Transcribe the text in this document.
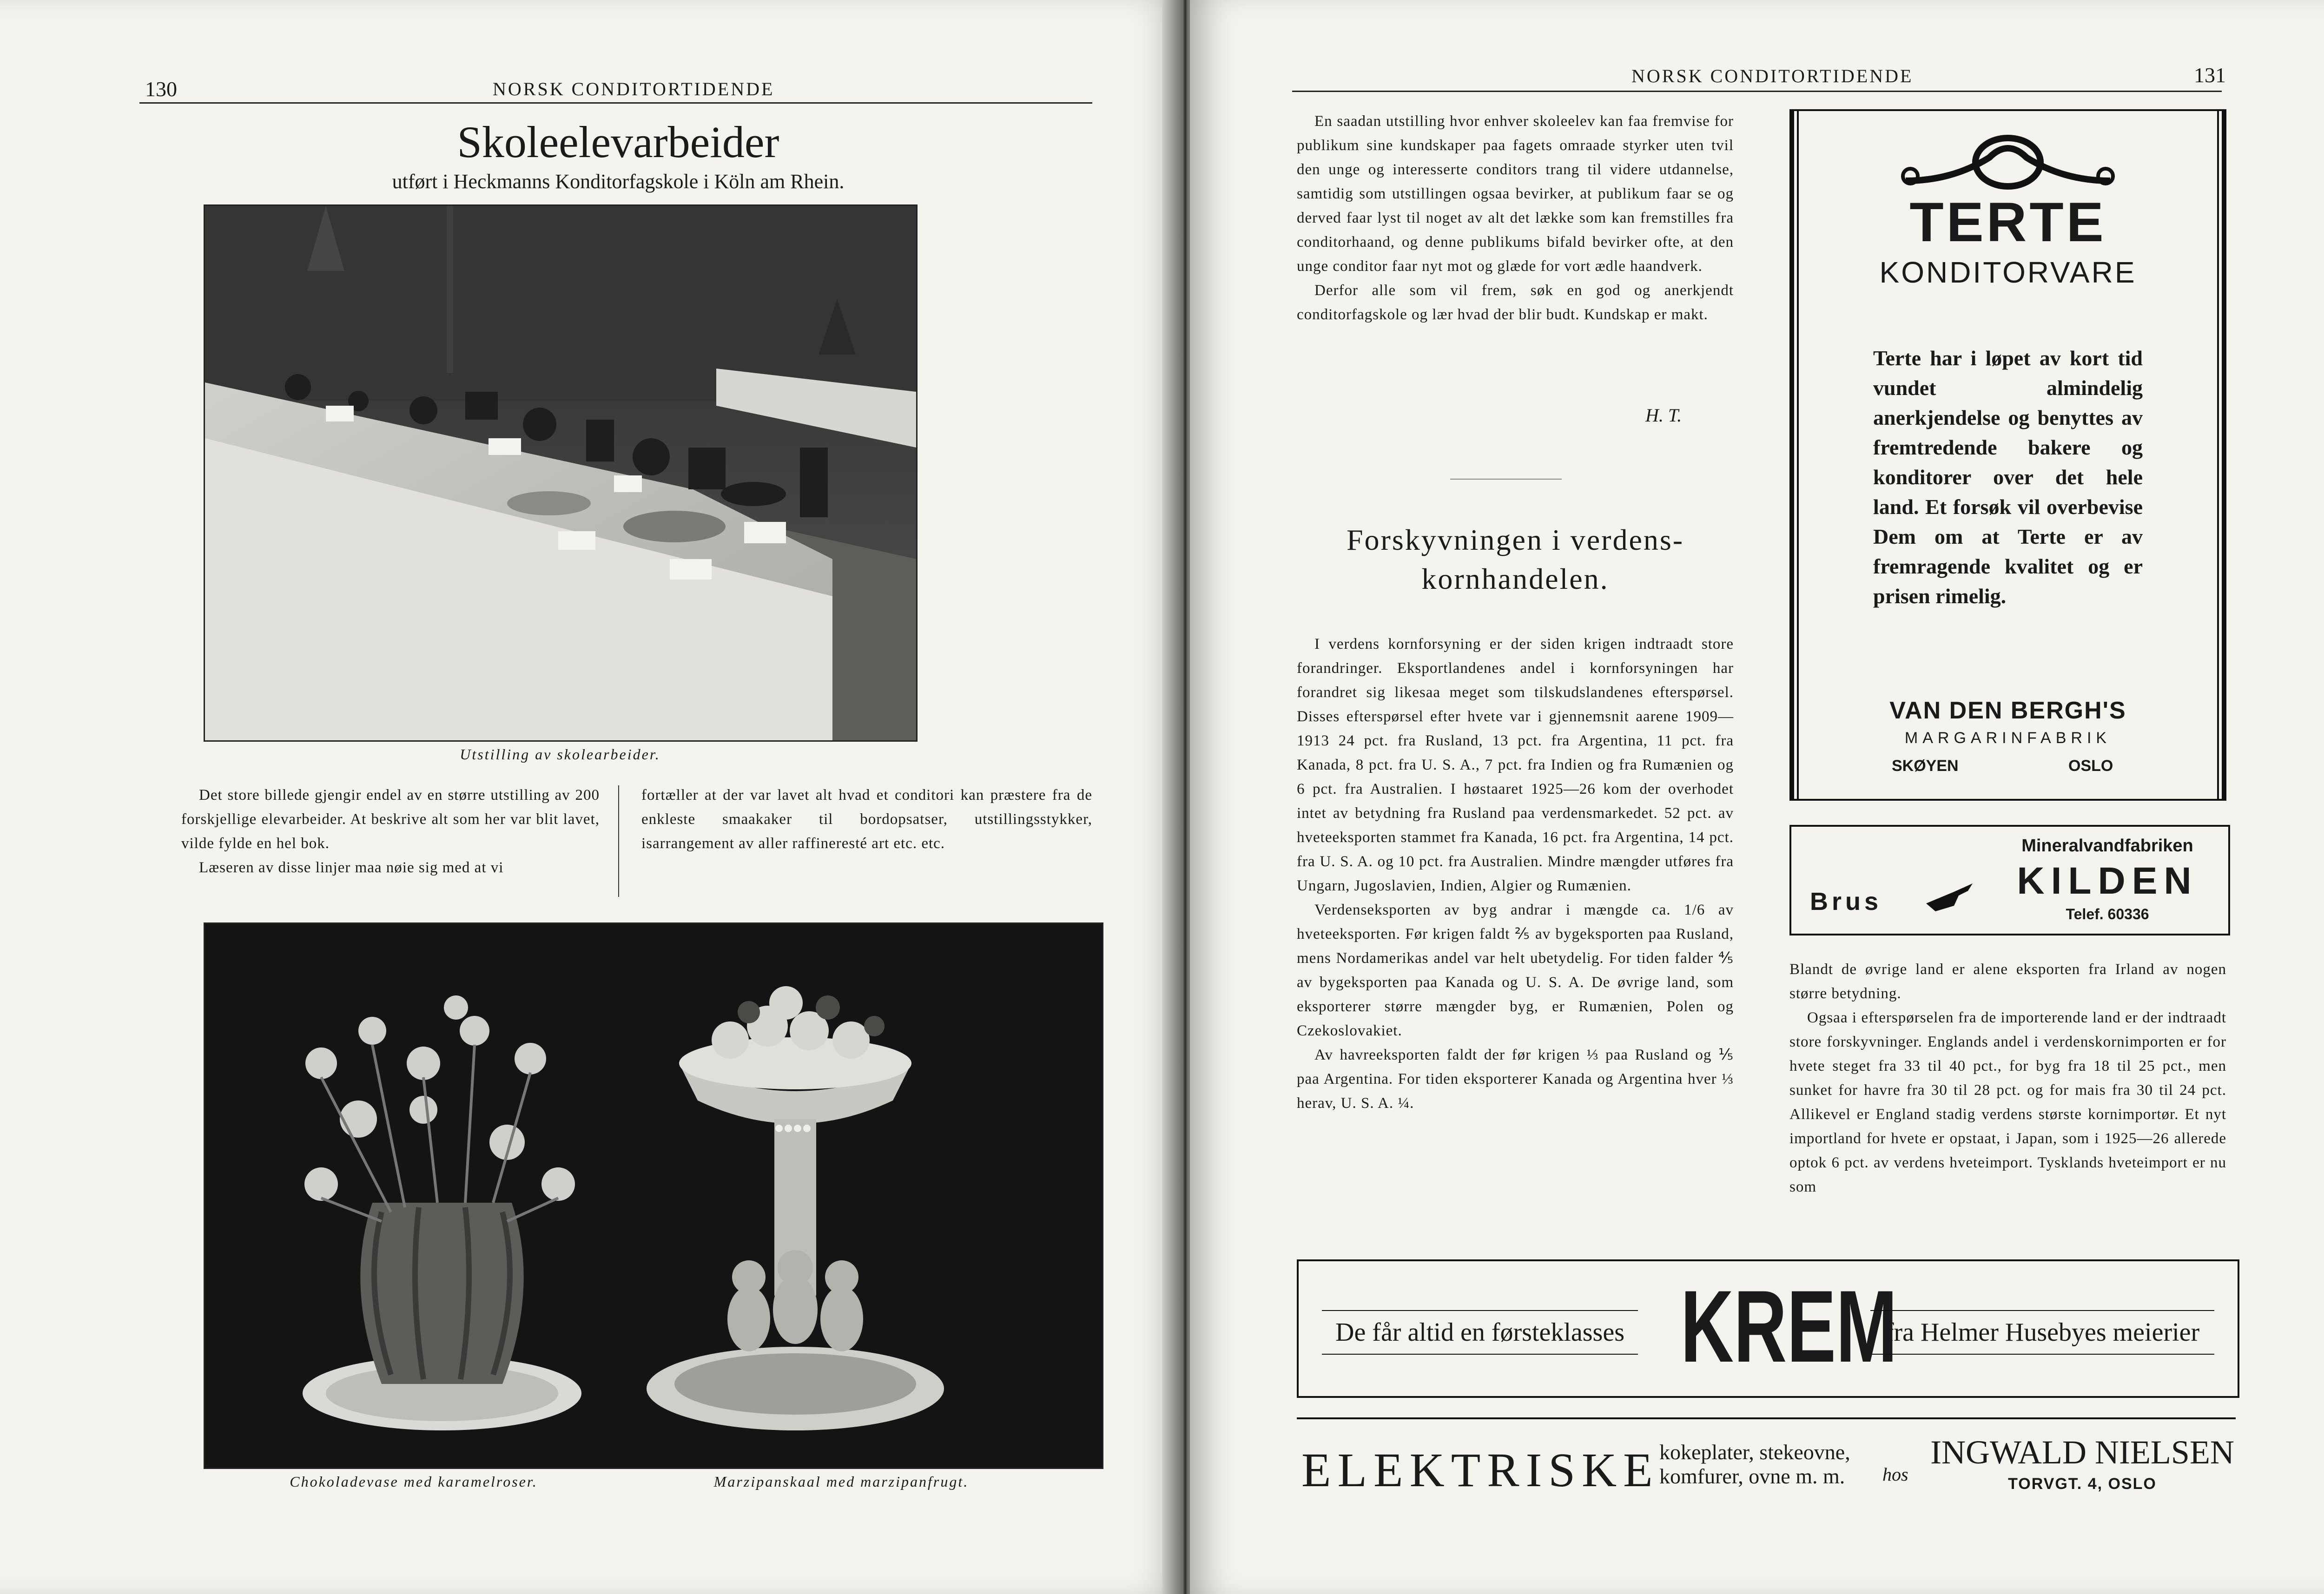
130	NORSK CONDITORTIDENDE
Skoleelevarbeider
utført i Heckmanns Konditorfagskole i Köln am Rhein.
Utstilling av skolearbeider.

Det store billede gjengir endel av en større utstilling av 200 forskjellige elevarbeider. At beskrive alt som her var blit lavet, vilde fylde en hel bok.

Læseren av disse linjer maa nøie sig med at vi

fortæller at der var lavet alt hvad et conditori kan præstere fra de enkleste smaakaker til bordopsatser, utstillingsstykker, isarrangement av aller raffineresté art etc. etc.

Chokoladevase med karamelroser.	Marzipanskaal med marzipanfrugt.
NORSK CONDITORTIDENDE	131

En saadan utstilling hvor enhver skoleelev kan faa fremvise for publikum sine kundskaper paa fagets omraade styrker uten tvil den unge og interesserte conditors trang til videre utdannelse, samtidig som utstillingen ogsaa bevirker, at publikum faar se og derved faar lyst til noget av alt det lække som kan fremstilles fra conditorhaand, og denne publikums bifald bevirker ofte, at den unge conditor faar nyt mot og glæde for vort ædle haandverk.

Derfor alle som vil frem, søk en god og anerkjendt conditorfagskole og lær hvad der blir budt. Kundskap er makt.

H. T.
Forskyvningen i verdens-
kornhandelen.

I verdens kornforsyning er der siden krigen indtraadt store forandringer. Eksportlandenes andel i kornforsyningen har forandret sig likesaa meget som tilskudslandenes efterspørsel. Disses efterspørsel efter hvete var i gjennemsnit aarene 1909—1913 24 pct. fra Rusland, 13 pct. fra Argentina, 11 pct. fra Kanada, 8 pct. fra U. S. A., 7 pct. fra Indien og fra Rumænien og 6 pct. fra Australien. I høstaaret 1925—26 kom der overhodet intet av betydning fra Rusland paa verdensmarkedet. 52 pct. av hveteeksporten stammet fra Kanada, 16 pct. fra Argentina, 14 pct. fra U. S. A. og 10 pct. fra Australien. Mindre mængder utføres fra Ungarn, Jugoslavien, Indien, Algier og Rumænien.

Verdenseksporten av byg andrar i mængde ca. 1/6 av hveteeksporten. Før krigen faldt ⅖ av bygeksporten paa Rusland, mens Nordamerikas andel var helt ubetydelig. For tiden falder ⅘ av bygeksporten paa Kanada og U. S. A. De øvrige land, som eksporterer større mængder byg, er Rumænien, Polen og Czekoslovakiet.

Av havreeksporten faldt der før krigen ⅓ paa Rusland og ⅕ paa Argentina. For tiden eksporterer Kanada og Argentina hver ⅓ herav, U. S. A. ¼.

TERTE
KONDITORVARE
Terte har i løpet av kort tid vundet almindelig anerkjendelse og benyttes av fremtredende bakere og konditorer over det hele land. Et forsøk vil overbevise Dem om at Terte er av fremragende kvalitet og er prisen rimelig.
VAN DEN BERGH'S
MARGARINFABRIK
SKØYEN	OSLO
Brus
Mineralvandfabriken
KILDEN
Telef. 60336

Blandt de øvrige land er alene eksporten fra Irland av nogen større betydning.

Ogsaa i efterspørselen fra de importerende land er der indtraadt store forskyvninger. Englands andel i verdenskornimporten er for hvete steget fra 33 til 40 pct., for byg fra 18 til 25 pct., men sunket for havre fra 30 til 28 pct. og for mais fra 30 til 24 pct. Allikevel er England stadig verdens største kornimportør. Et nyt importland for hvete er opstaat, i Japan, som i 1925—26 allerede optok 6 pct. av verdens hveteimport. Tysklands hveteimport er nu som

De får altid en førsteklasses KREM
fra Helmer Husebyes meierier
ELEKTRISKE kokeplater, stekeovne,
komfurer, ovne m. m. hos
INGWALD NIELSEN
TORVGT. 4, OSLO
